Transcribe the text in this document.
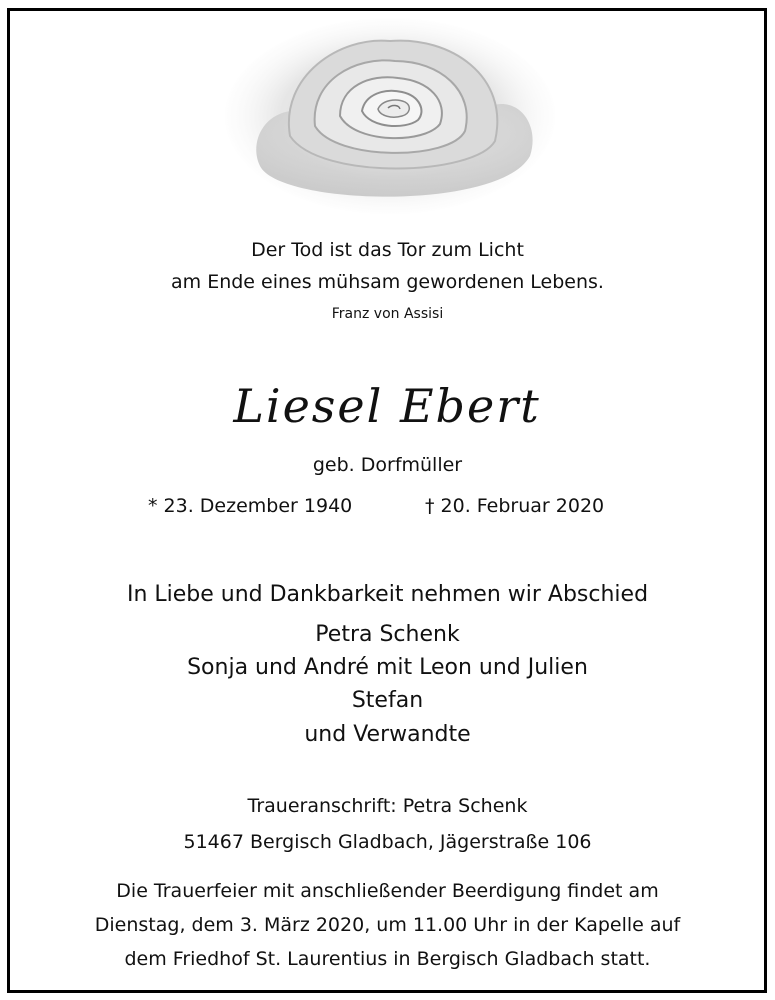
Der Tod ist das Tor zum Licht
am Ende eines mühsam gewordenen Lebens.
Franz von Assisi
Liesel Ebert
geb. Dorfmüller
* 23. Dezember 1940	† 20. Februar 2020
In Liebe und Dankbarkeit nehmen wir Abschied
Petra Schenk
Sonja und André mit Leon und Julien
Stefan
und Verwandte
Traueranschrift: Petra Schenk
51467 Bergisch Gladbach, Jägerstraße 106
Die Trauerfeier mit anschließender Beerdigung findet am
Dienstag, dem 3. März 2020, um 11.00 Uhr in der Kapelle auf
dem Friedhof St. Laurentius in Bergisch Gladbach statt.
